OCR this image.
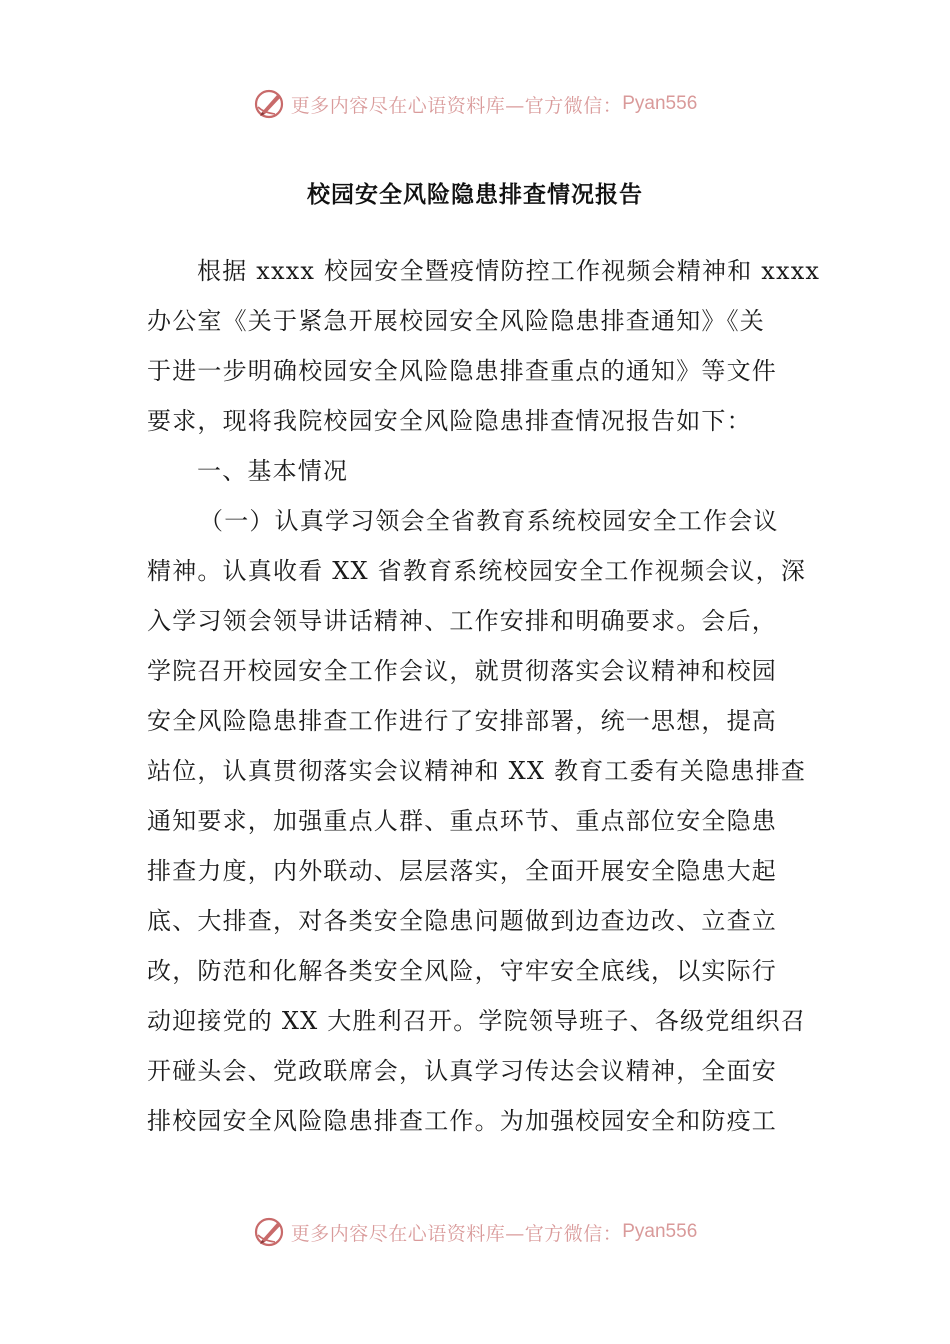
更多内容尽在心语资料库—官方微信： Pyan556
校园安全风险隐患排查情况报告
根据 xxxx 校园安全暨疫情防控工作视频会精神和 xxxx
办公室《关于紧急开展校园安全风险隐患排查通知》《关
于进一步明确校园安全风险隐患排查重点的通知》等文件
要求，现将我院校园安全风险隐患排查情况报告如下：
一、基本情况
（一）认真学习领会全省教育系统校园安全工作会议
精神。认真收看 XX 省教育系统校园安全工作视频会议，深
入学习领会领导讲话精神、工作安排和明确要求。会后，
学院召开校园安全工作会议，就贯彻落实会议精神和校园
安全风险隐患排查工作进行了安排部署，统一思想，提高
站位，认真贯彻落实会议精神和 XX 教育工委有关隐患排查
通知要求，加强重点人群、重点环节、重点部位安全隐患
排查力度，内外联动、层层落实，全面开展安全隐患大起
底、大排查，对各类安全隐患问题做到边查边改、立查立
改，防范和化解各类安全风险，守牢安全底线，以实际行
动迎接党的 XX 大胜利召开。学院领导班子、各级党组织召
开碰头会、党政联席会，认真学习传达会议精神，全面安
排校园安全风险隐患排查工作。为加强校园安全和防疫工
更多内容尽在心语资料库—官方微信： Pyan556
